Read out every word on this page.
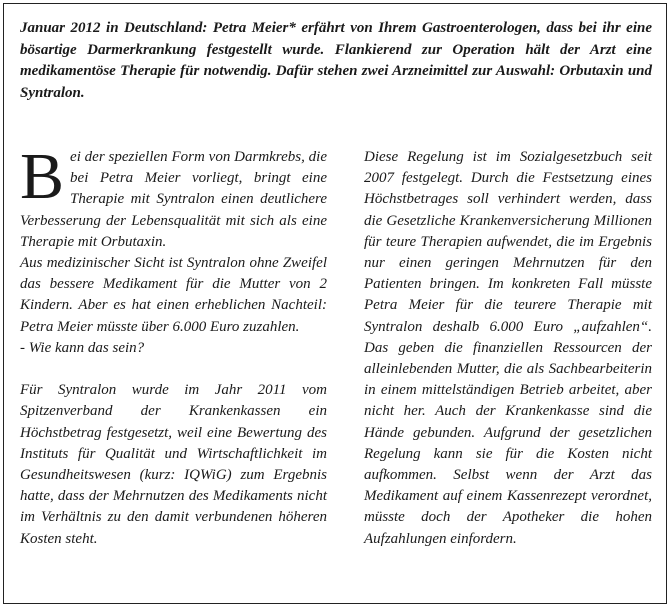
Januar 2012 in Deutschland: Petra Meier* erfährt von Ihrem Gastroenterologen, dass bei ihr eine bösartige Darmerkrankung festgestellt wurde. Flankierend zur Operation hält der Arzt eine medikamentöse Therapie für notwendig. Dafür stehen zwei Arzneimittel zur Auswahl: Orbutaxin und Syntralon.

Bei der speziellen Form von Darmkrebs, die bei Petra Meier vorliegt, bringt eine Therapie mit Syntralon einen deutlichere Verbesserung der Lebensqualität mit sich als eine Therapie mit Orbutaxin.

Aus medizinischer Sicht ist Syntralon ohne Zweifel das bessere Medikament für die Mutter von 2 Kindern. Aber es hat einen erheblichen Nachteil: Petra Meier müsste über 6.000 Euro zuzahlen.

- Wie kann das sein?

Für Syntralon wurde im Jahr 2011 vom Spitzenverband der Krankenkassen ein Höchstbetrag festgesetzt, weil eine Bewertung des Instituts für Qualität und Wirtschaftlichkeit im Gesundheitswesen (kurz: IQWiG) zum Ergebnis hatte, dass der Mehrnutzen des Medikaments nicht im Verhältnis zu den damit verbundenen höheren Kosten steht.

Diese Regelung ist im Sozialgesetzbuch seit 2007 festgelegt. Durch die Festsetzung eines Höchstbetrages soll verhindert werden, dass die Gesetzliche Krankenversicherung Millionen für teure Therapien aufwendet, die im Ergebnis nur einen geringen Mehrnutzen für den Patienten bringen. Im konkreten Fall müsste Petra Meier für die teurere Therapie mit Syntralon deshalb 6.000 Euro „aufzahlen“. Das geben die finanziellen Ressourcen der alleinlebenden Mutter, die als Sachbearbeiterin in einem mittelständigen Betrieb arbeitet, aber nicht her. Auch der Krankenkasse sind die Hände gebunden. Aufgrund der gesetzlichen Regelung kann sie für die Kosten nicht aufkommen. Selbst wenn der Arzt das Medikament auf einem Kassenrezept verordnet, müsste doch der Apotheker die hohen Aufzahlungen einfordern.
